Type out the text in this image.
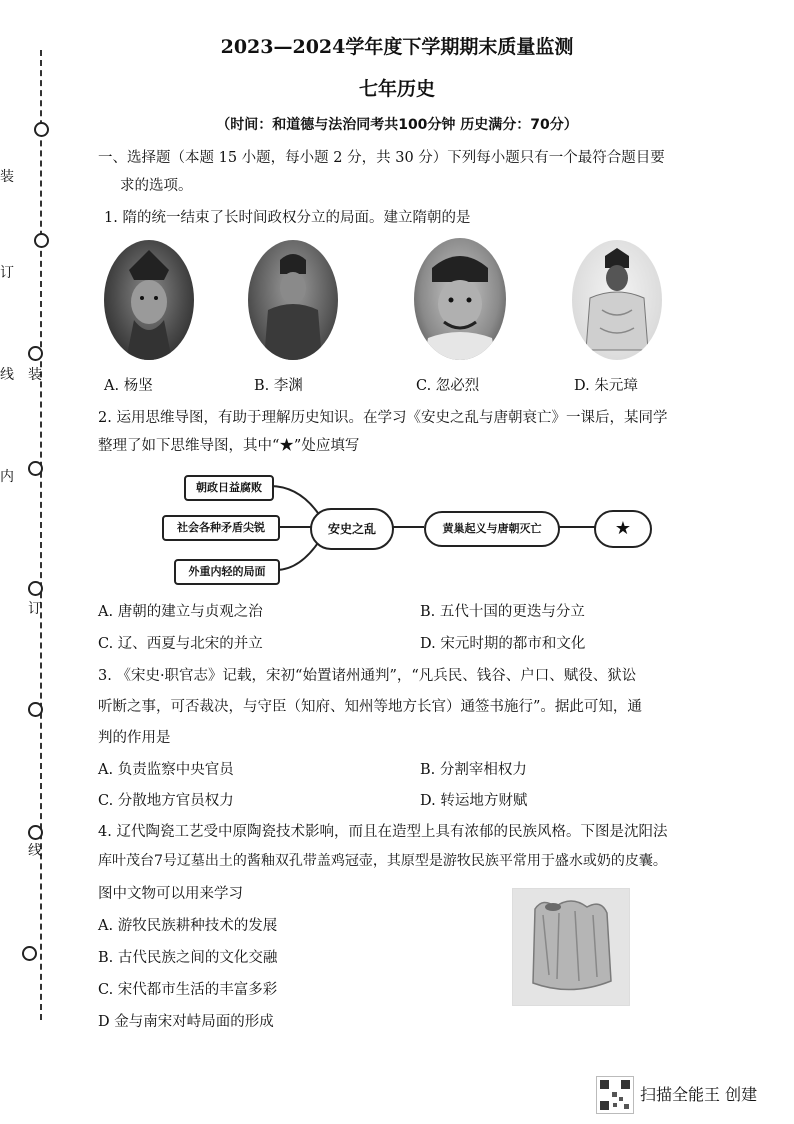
装
订
线
内
装
订
线
2023—2024学年度下学期期末质量监测
七年历史
（时间：和道德与法治同考共100分钟 历史满分：70分）
一、选择题（本题 15 小题，每小题 2 分，共 30 分）下列每小题只有一个最符合题目要
求的选项。
1. 隋的统一结束了长时间政权分立的局面。建立隋朝的是
A. 杨坚	B. 李渊	C. 忽必烈	D. 朱元璋
2. 运用思维导图，有助于理解历史知识。在学习《安史之乱与唐朝衰亡》一课后，某同学
整理了如下思维导图，其中“★”处应填写
朝政日益腐败
社会各种矛盾尖锐
外重内轻的局面
安史之乱	黄巢起义与唐朝灭亡	★
A. 唐朝的建立与贞观之治	B. 五代十国的更迭与分立
C. 辽、西夏与北宋的并立	D. 宋元时期的都市和文化
3. 《宋史·职官志》记载，宋初“始置诸州通判”，“凡兵民、钱谷、户口、赋役、狱讼
听断之事，可否裁决，与守臣（知府、知州等地方长官）通签书施行”。据此可知，通
判的作用是
A. 负责监察中央官员	B. 分割宰相权力
C. 分散地方官员权力	D. 转运地方财赋
4. 辽代陶瓷工艺受中原陶瓷技术影响，而且在造型上具有浓郁的民族风格。下图是沈阳法
库叶茂台7号辽墓出土的酱釉双孔带盖鸡冠壶，其原型是游牧民族平常用于盛水或奶的皮囊。
图中文物可以用来学习
A. 游牧民族耕种技术的发展
B. 古代民族之间的文化交融
C. 宋代都市生活的丰富多彩
D 金与南宋对峙局面的形成
扫描全能王 创建
